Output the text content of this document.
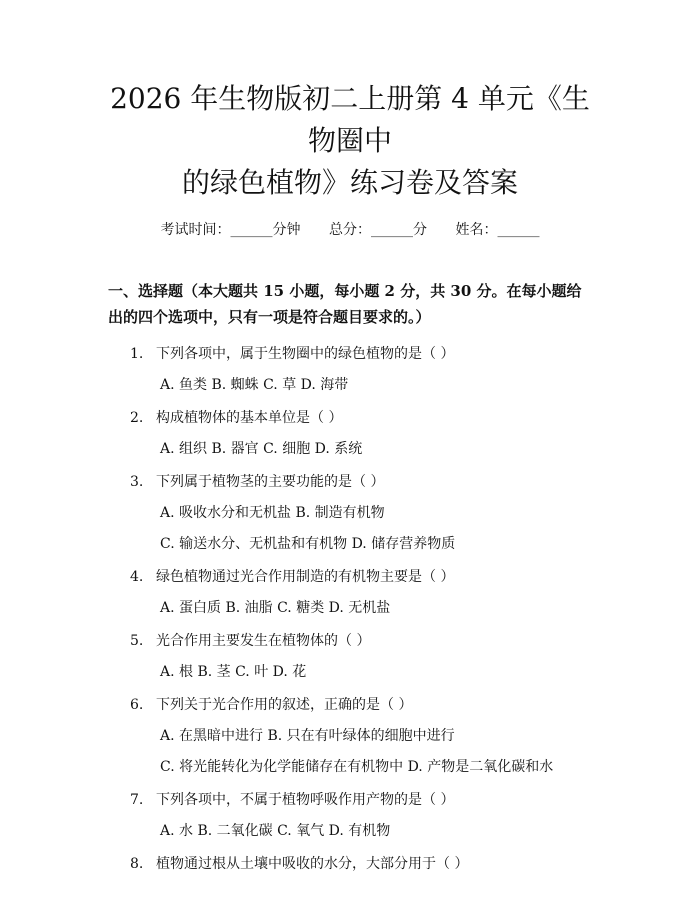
2026 年生物版初二上册第 4 单元《生物圈中
的绿色植物》练习卷及答案
考试时间：______分钟 总分：______分 姓名：______
一、选择题（本大题共 15 小题，每小题 2 分，共 30 分。在每小题给出的四个选项中，只有一项是符合题目要求的。）
1. 下列各项中，属于生物圈中的绿色植物的是（ ）
A. 鱼类 B. 蜘蛛 C. 草 D. 海带
2. 构成植物体的基本单位是（ ）
A. 组织 B. 器官 C. 细胞 D. 系统
3. 下列属于植物茎的主要功能的是（ ）
A. 吸收水分和无机盐 B. 制造有机物
C. 输送水分、无机盐和有机物 D. 储存营养物质
4. 绿色植物通过光合作用制造的有机物主要是（ ）
A. 蛋白质 B. 油脂 C. 糖类 D. 无机盐
5. 光合作用主要发生在植物体的（ ）
A. 根 B. 茎 C. 叶 D. 花
6. 下列关于光合作用的叙述，正确的是（ ）
A. 在黑暗中进行 B. 只在有叶绿体的细胞中进行
C. 将光能转化为化学能储存在有机物中 D. 产物是二氧化碳和水
7. 下列各项中，不属于植物呼吸作用产物的是（ ）
A. 水 B. 二氧化碳 C. 氧气 D. 有机物
8. 植物通过根从土壤中吸收的水分，大部分用于（ ）
